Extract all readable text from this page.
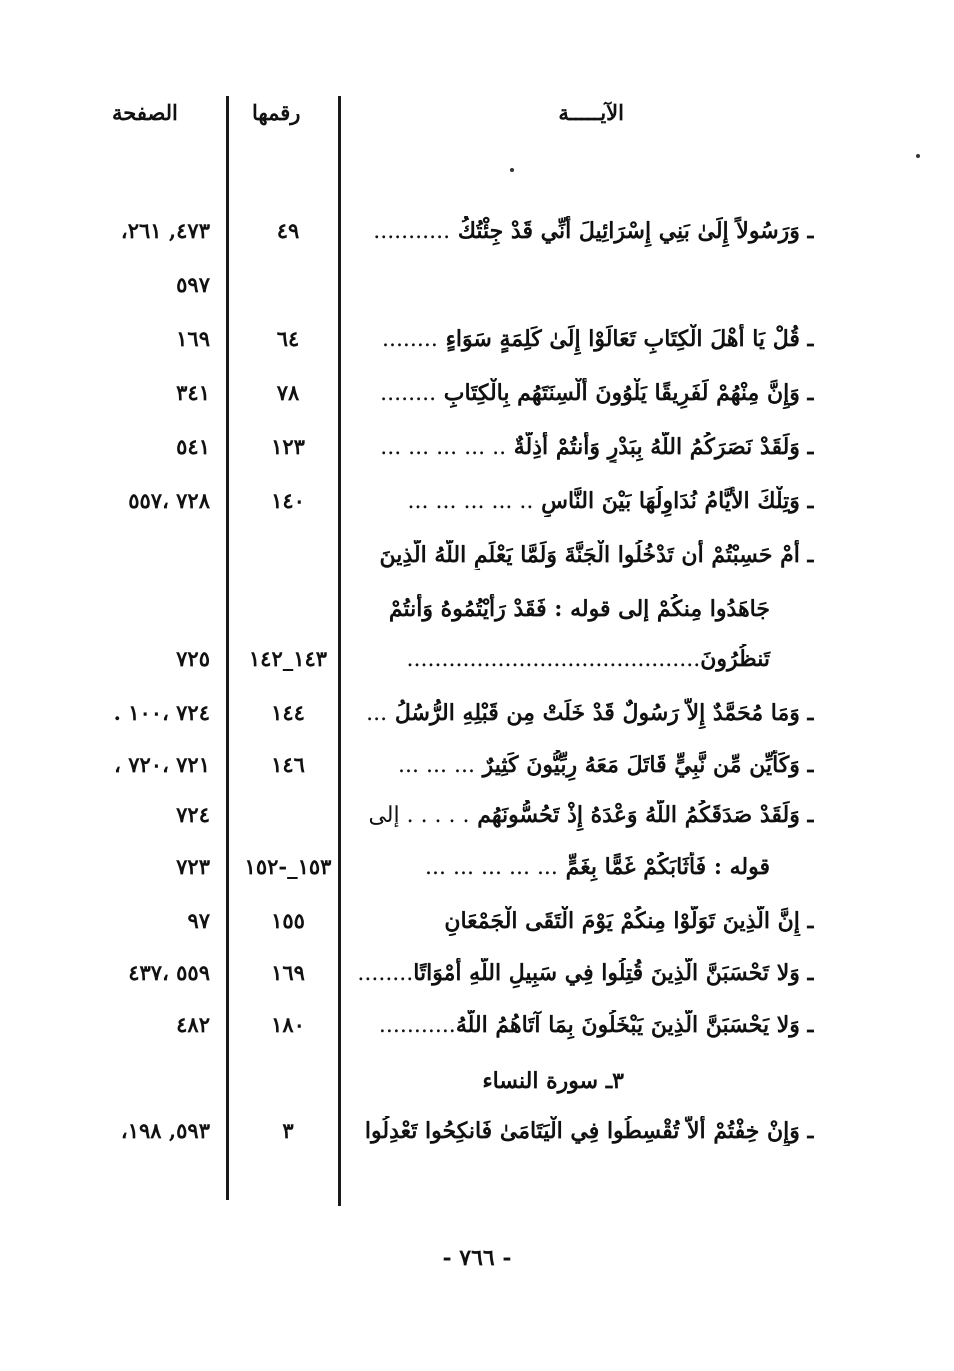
الآيـــــة
رقمها
الصفحة
ـ وَرَسُولاً إِلَىٰ بَنِي إِسْرَائِيلَ أَنِّي قَدْ جِئْتُكُ ...........
٤٩
٤٧٣, ٢٦١،
٥٩٧
ـ قُلْ يَا أَهْلَ الْكِتَابِ تَعَالَوْا إِلَىٰ كَلِمَةٍ سَوَاءٍ ........
٦٤
١٦٩
ـ وَإِنَّ مِنْهُمْ لَفَرِيقًا يَلْوُونَ أَلْسِنَتَهُم بِالْكِتَابِ ........
٧٨
٣٤١
ـ وَلَقَدْ نَصَرَكُمُ اللَّهُ بِبَدْرٍ وَأَنتُمْ أَذِلَّةٌ .. ... ... ... ...
١٢٣
٥٤١
ـ وَتِلْكَ الأَيَّامُ نُدَاوِلُهَا بَيْنَ النَّاسِ .. ... ... ... ...
١٤٠
٧٢٨ ،٥٥٧
ـ أَمْ حَسِبْتُمْ أَن تَدْخُلُوا الْجَنَّةَ وَلَمَّا يَعْلَمِ اللَّهُ الَّذِينَ
جَاهَدُوا مِنكُمْ إلى قوله : فَقَدْ رَأَيْتُمُوهُ وَأَنتُمْ
تَنظُرُونَ..........................................
١٤٣_١٤٢
٧٢٥
ـ وَمَا مُحَمَّدٌ إِلاَّ رَسُولٌ قَدْ خَلَتْ مِن قَبْلِهِ الرُّسُلُ ...
١٤٤
٧٢٤ ،١٠٠ .
ـ وَكَأَيِّن مِّن نَّبِيٍّ قَاتَلَ مَعَهُ رِبِّيُّونَ كَثِيرٌ ... ... ...
١٤٦
٧٢١ ،٧٢٠ ،
ـ وَلَقَدْ صَدَقَكُمُ اللَّهُ وَعْدَهُ إِذْ تَحُسُّونَهُم . . . . . إلى
٧٢٤
قوله : فَأَثَابَكُمْ غَمًّا بِغَمٍّ ... ... ... ... ...
١٥٣_-١٥٢
٧٢٣
ـ إِنَّ الَّذِينَ تَوَلَّوْا مِنكُمْ يَوْمَ الْتَقَى الْجَمْعَانِ
١٥٥
٩٧
ـ وَلا تَحْسَبَنَّ الَّذِينَ قُتِلُوا فِي سَبِيلِ اللَّهِ أَمْوَاتًا........
١٦٩
٥٥٩ ،٤٣٧
ـ وَلا يَحْسَبَنَّ الَّذِينَ يَبْخَلُونَ بِمَا آتَاهُمُ اللَّهُ...........
١٨٠
٤٨٢
٣ـ سورة النساء
ـ وَإِنْ خِفْتُمْ أَلاَّ تُقْسِطُوا فِي الْيَتَامَىٰ فَانكِحُوا تَعْدِلُوا
٣
٥٩٣, ١٩٨،
- ٧٦٦ -
